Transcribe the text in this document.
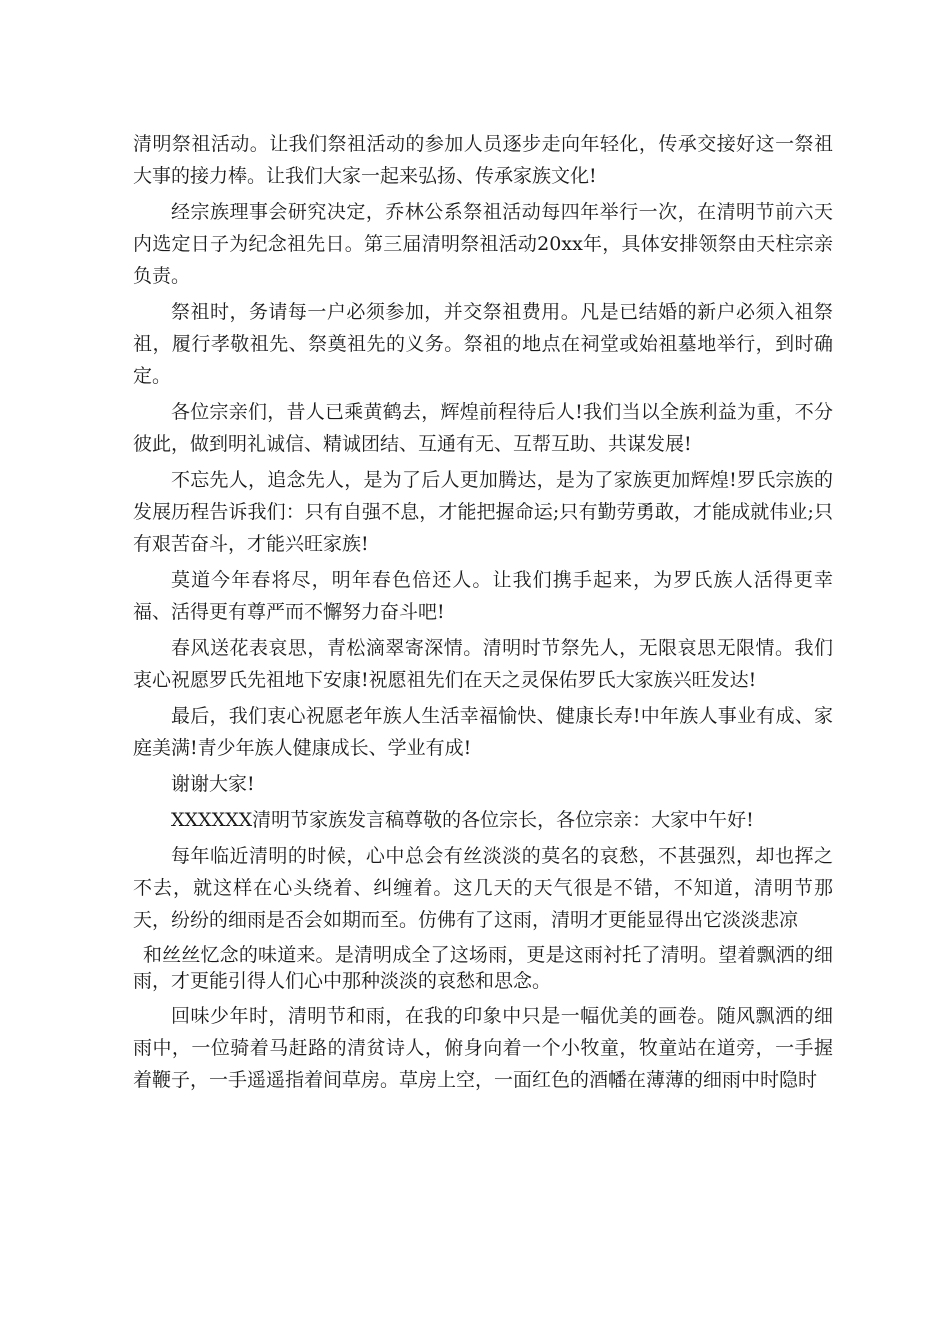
清明祭祖活动。让我们祭祖活动的参加人员逐步走向年轻化，传承交接好这一祭祖大事的接力棒。让我们大家一起来弘扬、传承家族文化!

经宗族理事会研究决定，乔林公系祭祖活动每四年举行一次，在清明节前六天内选定日子为纪念祖先日。第三届清明祭祖活动20xx年，具体安排领祭由天柱宗亲负责。

祭祖时，务请每一户必须参加，并交祭祖费用。凡是已结婚的新户必须入祖祭祖，履行孝敬祖先、祭奠祖先的义务。祭祖的地点在祠堂或始祖墓地举行，到时确定。

各位宗亲们，昔人已乘黄鹤去，辉煌前程待后人!我们当以全族利益为重，不分彼此，做到明礼诚信、精诚团结、互通有无、互帮互助、共谋发展!

不忘先人，追念先人，是为了后人更加腾达，是为了家族更加辉煌!罗氏宗族的发展历程告诉我们：只有自强不息，才能把握命运;只有勤劳勇敢，才能成就伟业;只有艰苦奋斗，才能兴旺家族!

莫道今年春将尽，明年春色倍还人。让我们携手起来，为罗氏族人活得更幸福、活得更有尊严而不懈努力奋斗吧!

春风送花表哀思，青松滴翠寄深情。清明时节祭先人，无限哀思无限情。我们衷心祝愿罗氏先祖地下安康!祝愿祖先们在天之灵保佑罗氏大家族兴旺发达!

最后，我们衷心祝愿老年族人生活幸福愉快、健康长寿!中年族人事业有成、家庭美满!青少年族人健康成长、学业有成!

谢谢大家!

XXXXXX清明节家族发言稿尊敬的各位宗长，各位宗亲：大家中午好!

每年临近清明的时候，心中总会有丝淡淡的莫名的哀愁，不甚强烈，却也挥之不去，就这样在心头绕着、纠缠着。这几天的天气很是不错，不知道，清明节那天，纷纷的细雨是否会如期而至。仿佛有了这雨，清明才更能显得出它淡淡悲凉

和丝丝忆念的味道来。是清明成全了这场雨，更是这雨衬托了清明。望着飘洒的细雨，才更能引得人们心中那种淡淡的哀愁和思念。

回味少年时，清明节和雨，在我的印象中只是一幅优美的画卷。随风飘洒的细雨中，一位骑着马赶路的清贫诗人，俯身向着一个小牧童，牧童站在道旁，一手握着鞭子，一手遥遥指着间草房。草房上空，一面红色的酒幡在薄薄的细雨中时隐时
